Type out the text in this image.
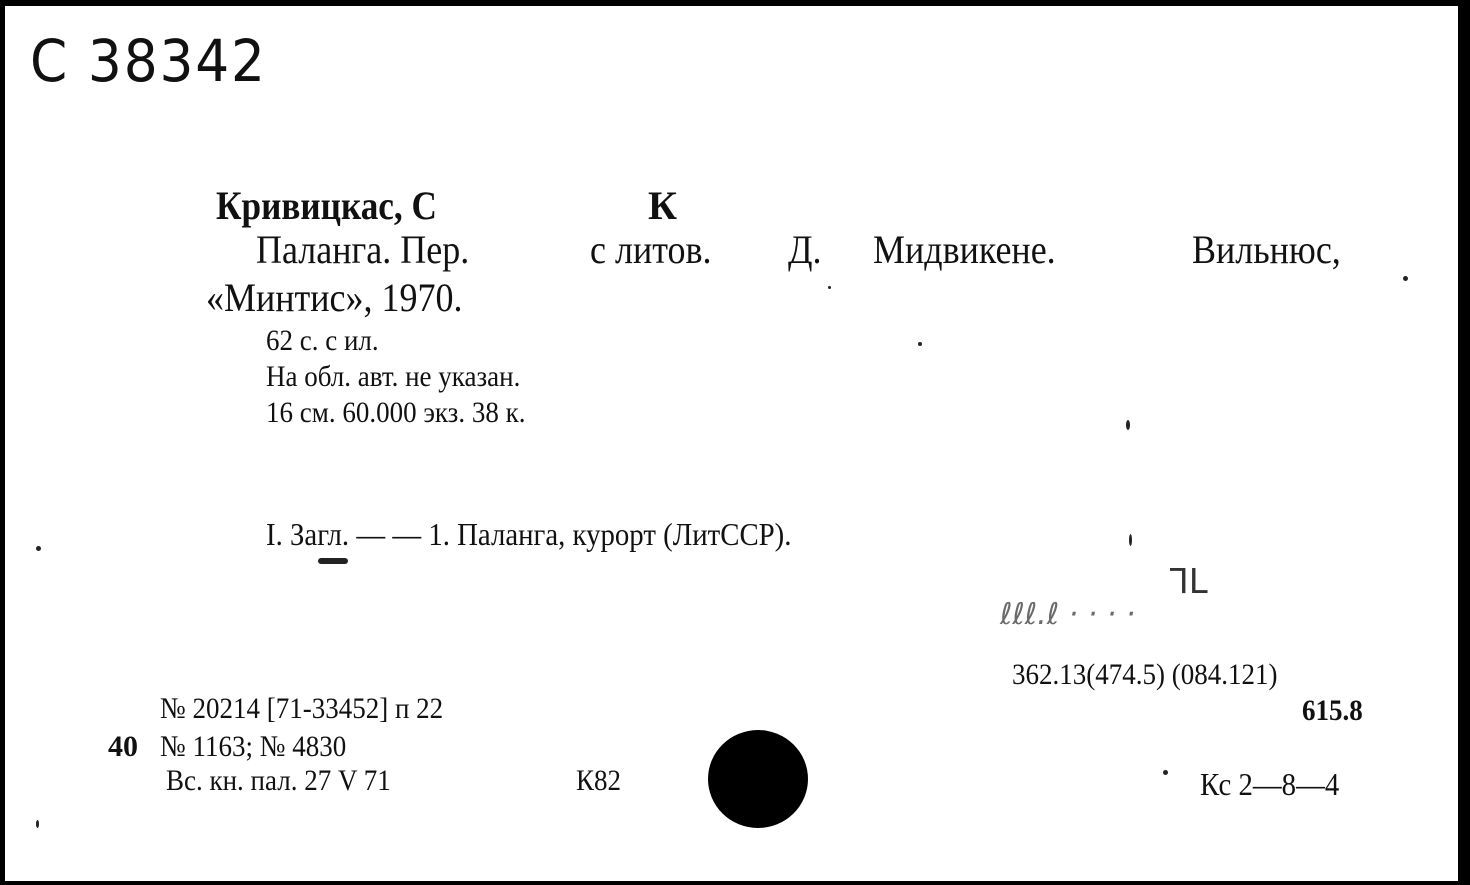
С 38342
Кривицкас, С	К
Паланга. Пер.	с литов. Д. Мидвикене.	Вильнюс,
«Минтис», 1970.
62 с. с ил.
На обл. авт. не указан.
16 см. 60.000 экз. 38 к.
I. Загл. — — 1. Паланга, курорт (ЛитССР).
ℓℓℓ.ℓ · · · ·
ᒣᒪ
362.13(474.5) (084.121)
615.8
№ 20214 [71-33452] п 22
40 № 1163; № 4830
Вс. кн. пал. 27 V 71	К82	Кс 2—8—4
